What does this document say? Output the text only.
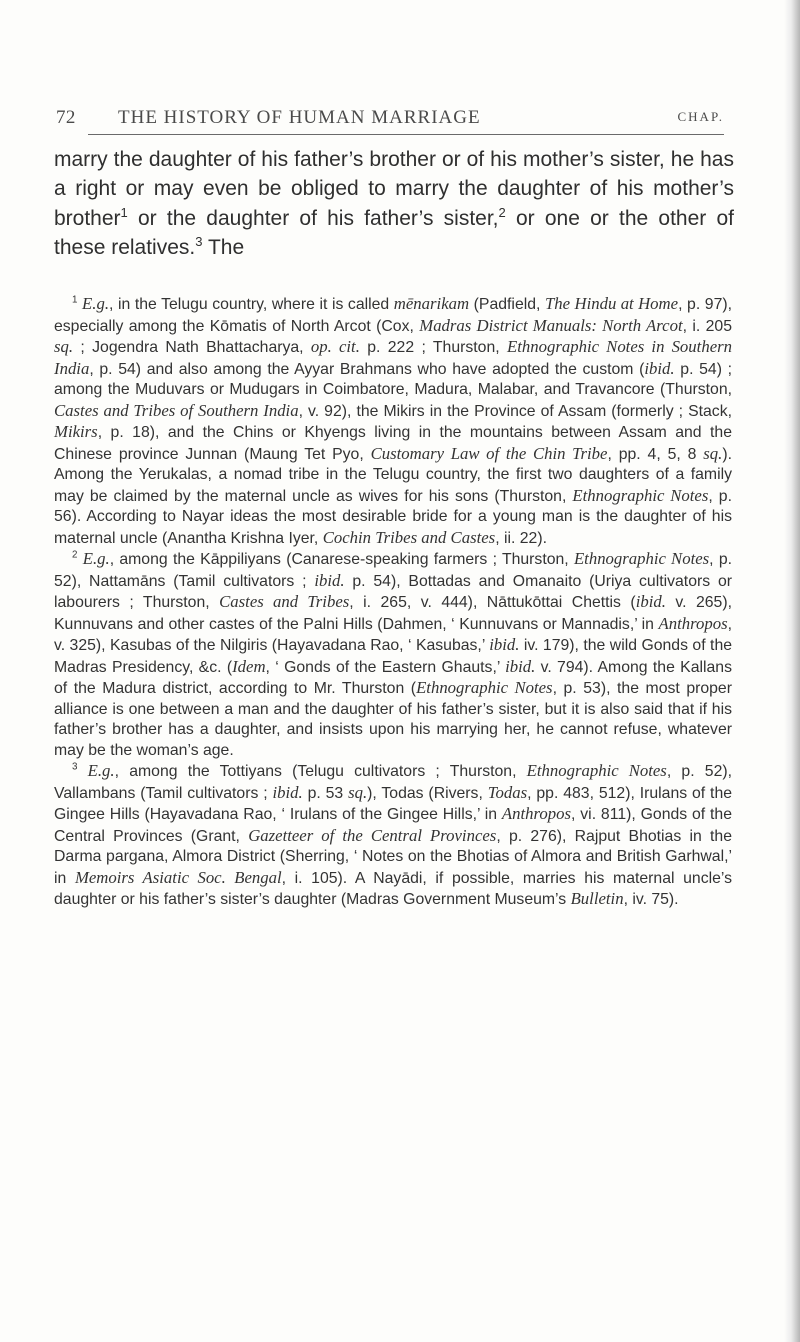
72 THE HISTORY OF HUMAN MARRIAGE	CHAP.

marry the daughter of his father’s brother or of his mother’s sister, he has a right or may even be obliged to marry the daughter of his mother’s brother$^1$ or the daughter of his father’s sister,$^2$ or one or the other of these relatives.$^3$ The

$^1$ E.g., in the Telugu country, where it is called mēnarikam (Padfield, The Hindu at Home, p. 97), especially among the Kōmatis of North Arcot (Cox, Madras District Manuals: North Arcot, i. 205 sq. ; Jogendra Nath Bhattacharya, op. cit. p. 222 ; Thurston, Ethnographic Notes in Southern India, p. 54) and also among the Ayyar Brahmans who have adopted the custom (ibid. p. 54) ; among the Muduvars or Mudugars in Coimbatore, Madura, Malabar, and Travancore (Thurston, Castes and Tribes of Southern India, v. 92), the Mikirs in the Province of Assam (formerly ; Stack, Mikirs, p. 18), and the Chins or Khyengs living in the mountains between Assam and the Chinese province Junnan (Maung Tet Pyo, Customary Law of the Chin Tribe, pp. 4, 5, 8 sq.). Among the Yerukalas, a nomad tribe in the Telugu country, the first two daughters of a family may be claimed by the maternal uncle as wives for his sons (Thurston, Ethnographic Notes, p. 56). According to Nayar ideas the most desirable bride for a young man is the daughter of his maternal uncle (Anantha Krishna Iyer, Cochin Tribes and Castes, ii. 22).

$^2$ E.g., among the Kāppiliyans (Canarese-speaking farmers ; Thurston, Ethnographic Notes, p. 52), Nattamāns (Tamil cultivators ; ibid. p. 54), Bottadas and Omanaito (Uriya cultivators or labourers ; Thurston, Castes and Tribes, i. 265, v. 444), Nāttukōttai Chettis (ibid. v. 265), Kunnuvans and other castes of the Palni Hills (Dahmen, ‘ Kunnuvans or Mannadis,’ in Anthropos, v. 325), Kasubas of the Nilgiris (Hayavadana Rao, ‘ Kasubas,’ ibid. iv. 179), the wild Gonds of the Madras Presidency, &c. (Idem, ‘ Gonds of the Eastern Ghauts,’ ibid. v. 794). Among the Kallans of the Madura district, according to Mr. Thurston (Ethnographic Notes, p. 53), the most proper alliance is one between a man and the daughter of his father’s sister, but it is also said that if his father’s brother has a daughter, and insists upon his marrying her, he cannot refuse, whatever may be the woman’s age.

$^3$ E.g., among the Tottiyans (Telugu cultivators ; Thurston, Ethnographic Notes, p. 52), Vallambans (Tamil cultivators ; ibid. p. 53 sq.), Todas (Rivers, Todas, pp. 483, 512), Irulans of the Gingee Hills (Hayavadana Rao, ‘ Irulans of the Gingee Hills,’ in Anthropos, vi. 811), Gonds of the Central Provinces (Grant, Gazetteer of the Central Provinces, p. 276), Rajput Bhotias in the Darma pargana, Almora District (Sherring, ‘ Notes on the Bhotias of Almora and British Garhwal,’ in Memoirs Asiatic Soc. Bengal, i. 105). A Nayādi, if possible, marries his maternal uncle’s daughter or his father’s sister’s daughter (Madras Government Museum’s Bulletin, iv. 75).
